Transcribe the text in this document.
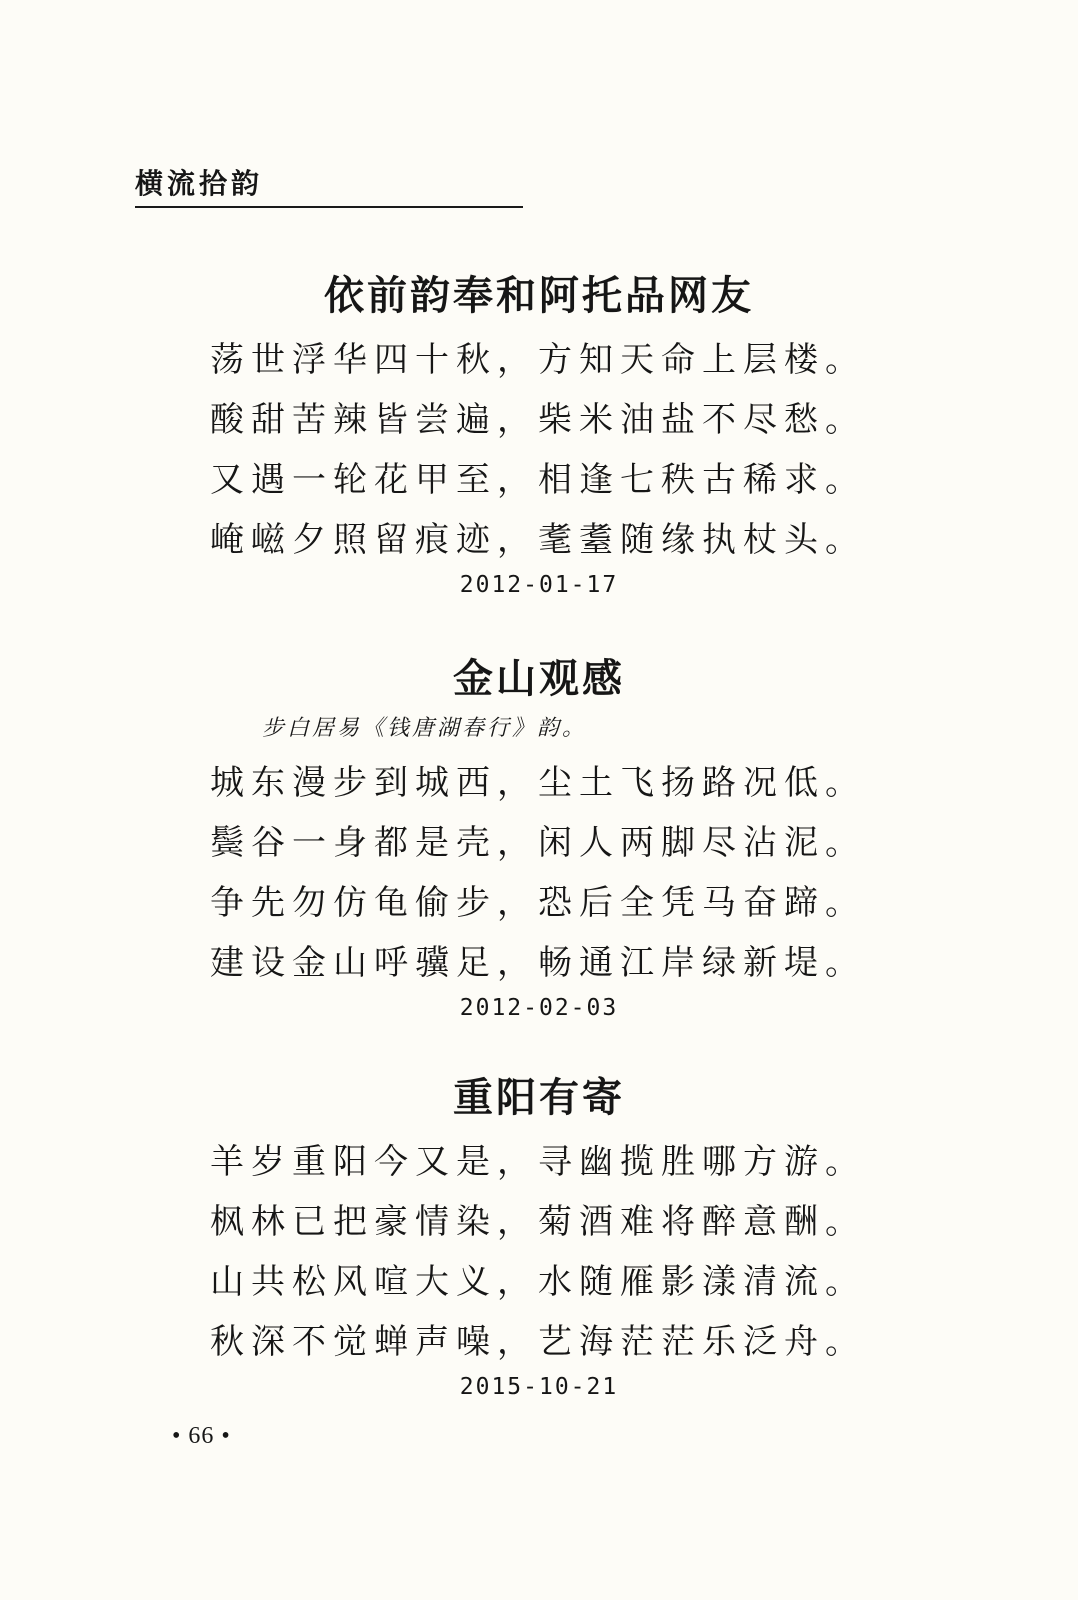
横流拾韵
依前韵奉和阿托品网友
荡世浮华四十秋，方知天命上层楼。
酸甜苦辣皆尝遍，柴米油盐不尽愁。
又遇一轮花甲至，相逢七秩古稀求。
崦嵫夕照留痕迹，耄耋随缘执杖头。
2012-01-17
金山观感
步白居易《钱唐湖春行》韵。
城东漫步到城西，尘土飞扬路况低。
鬓谷一身都是壳，闲人两脚尽沾泥。
争先勿仿龟偷步，恐后全凭马奋蹄。
建设金山呼骥足，畅通江岸绿新堤。
2012-02-03
重阳有寄
羊岁重阳今又是，寻幽揽胜哪方游。
枫林已把豪情染，菊酒难将醉意酬。
山共松风喧大义，水随雁影漾清流。
秋深不觉蝉声噪，艺海茫茫乐泛舟。
2015-10-21
• 66 •
